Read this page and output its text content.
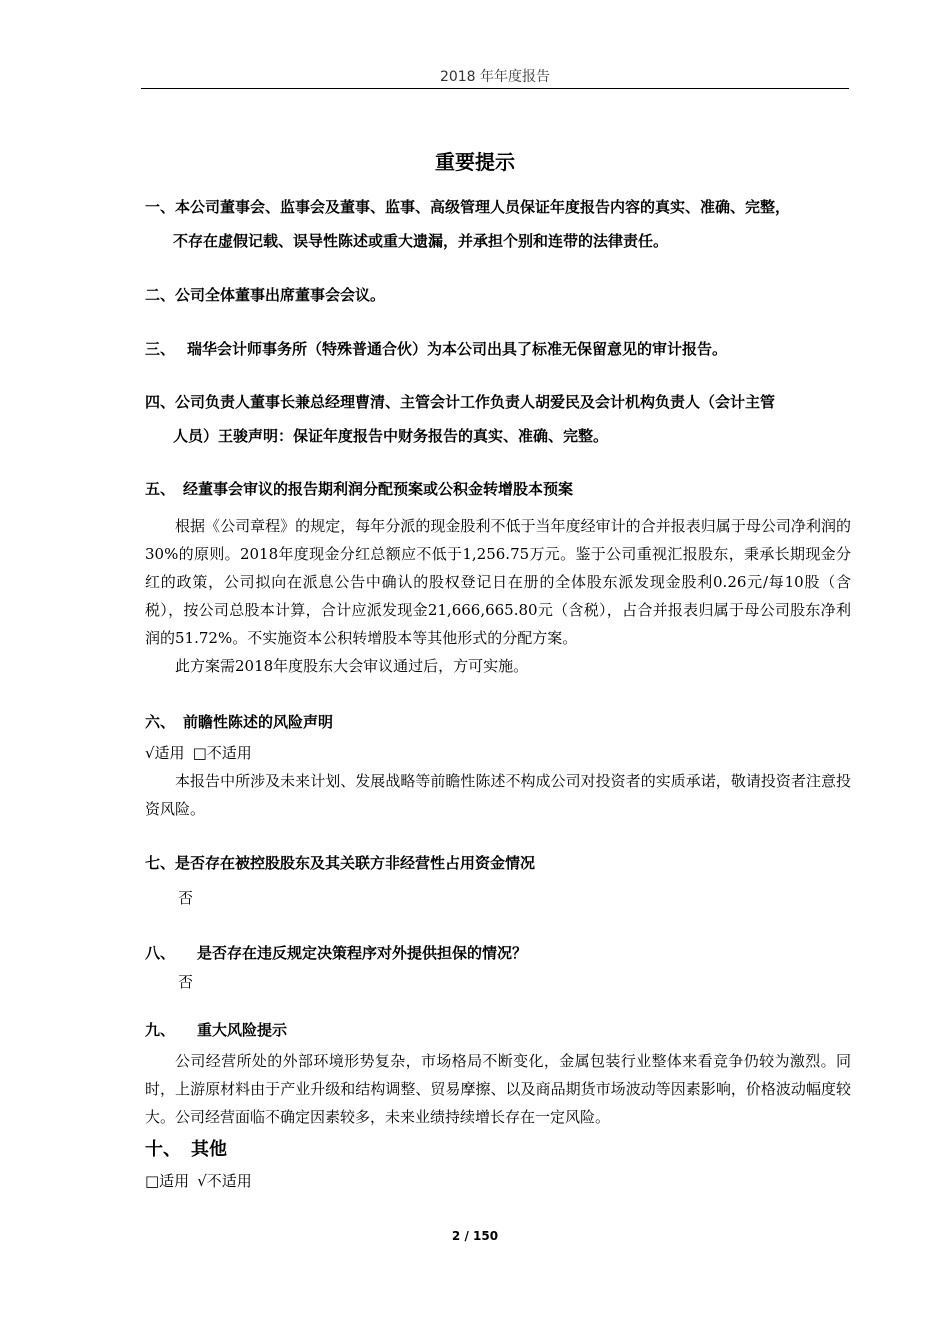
2018 年年度报告
重要提示

一、本公司董事会、监事会及董事、监事、高级管理人员保证年度报告内容的真实、准确、完整，

不存在虚假记载、误导性陈述或重大遗漏，并承担个别和连带的法律责任。

二、公司全体董事出席董事会会议。

三、 瑞华会计师事务所（特殊普通合伙）为本公司出具了标准无保留意见的审计报告。

四、公司负责人董事长兼总经理曹清、主管会计工作负责人胡爱民及会计机构负责人（会计主管

人员）王骏声明：保证年度报告中财务报告的真实、准确、完整。

五、 经董事会审议的报告期利润分配预案或公积金转增股本预案

根据《公司章程》的规定，每年分派的现金股利不低于当年度经审计的合并报表归属于母公司净利润的30%的原则。2018年度现金分红总额应不低于1,256.75万元。鉴于公司重视汇报股东，秉承长期现金分红的政策，公司拟向在派息公告中确认的股权登记日在册的全体股东派发现金股利0.26元/每10股（含税），按公司总股本计算，合计应派发现金21,666,665.80元（含税），占合并报表归属于母公司股东净利润的51.72%。不实施资本公积转增股本等其他形式的分配方案。

此方案需2018年度股东大会审议通过后，方可实施。

六、 前瞻性陈述的风险声明

√适用 □不适用

本报告中所涉及未来计划、发展战略等前瞻性陈述不构成公司对投资者的实质承诺，敬请投资者注意投资风险。

七、是否存在被控股股东及其关联方非经营性占用资金情况

否

八、 是否存在违反规定决策程序对外提供担保的情况？

否

九、 重大风险提示

公司经营所处的外部环境形势复杂，市场格局不断变化，金属包装行业整体来看竞争仍较为激烈。同时，上游原材料由于产业升级和结构调整、贸易摩擦、以及商品期货市场波动等因素影响，价格波动幅度较大。公司经营面临不确定因素较多，未来业绩持续增长存在一定风险。

十、 其他

□适用 √不适用

2 / 150
